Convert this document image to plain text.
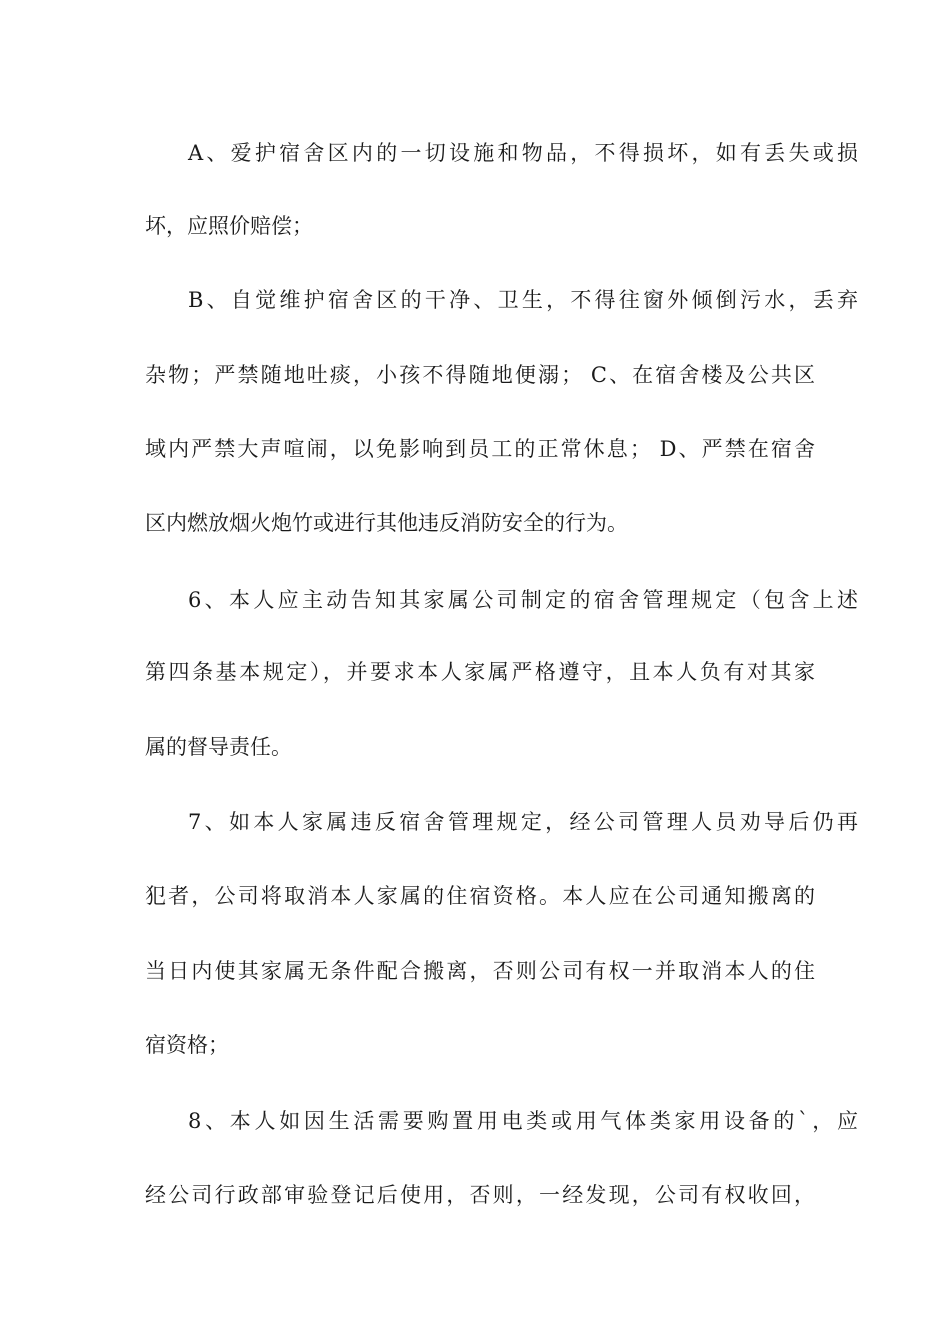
A、爱护宿舍区内的一切设施和物品，不得损坏，如有丢失或损
坏，应照价赔偿；
B、自觉维护宿舍区的干净、卫生，不得往窗外倾倒污水，丢弃
杂物；严禁随地吐痰，小孩不得随地便溺； C、在宿舍楼及公共区
域内严禁大声喧闹，以免影响到员工的正常休息； D、严禁在宿舍
区内燃放烟火炮竹或进行其他违反消防安全的行为。
6、本人应主动告知其家属公司制定的宿舍管理规定（包含上述
第四条基本规定），并要求本人家属严格遵守，且本人负有对其家
属的督导责任。
7、如本人家属违反宿舍管理规定，经公司管理人员劝导后仍再
犯者，公司将取消本人家属的住宿资格。本人应在公司通知搬离的
当日内使其家属无条件配合搬离，否则公司有权一并取消本人的住
宿资格；
8、本人如因生活需要购置用电类或用气体类家用设备的`，应
经公司行政部审验登记后使用，否则，一经发现，公司有权收回，
